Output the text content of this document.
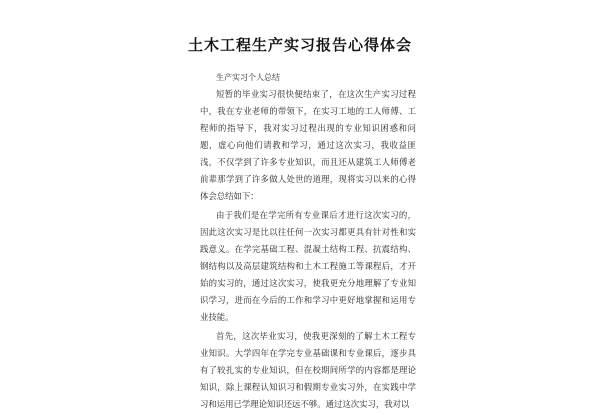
土木工程生产实习报告心得体会
生产实习个人总结

短暂的毕业实习很快便结束了，在这次生产实习过程中，我在专业老师的带领下，在实习工地的工人师傅、工程师的指导下，我对实习过程出现的专业知识困惑和问题，虚心向他们请教和学习，通过这次实习，我收益匪浅，不仅学到了许多专业知识，而且还从建筑工人师傅老前辈那学到了许多做人处世的道理，现将实习以来的心得体会总结如下：

由于我们是在学完所有专业课后才进行这次实习的，因此这次实习是比以往任何一次实习都更具有针对性和实践意义。在学完基础工程、混凝土结构工程、抗震结构、钢结构以及高层建筑结构和土木工程施工等课程后，才开始的实习的，通过这次实习，使我更充分地理解了专业知识学习，进而在今后的工作和学习中更好地掌握和运用专业技能。

首先，这次毕业实习，使我更深刻的了解土木工程专业知识。大学四年在学完专业基础课和专业课后，逐步具有了较扎实的专业知识，但在校期间所学的内容都是理论知识，除上课程认知识习和假期专业实习外，在实践中学习和运用已学理论知识还远不够。通过这次实习，我对以
